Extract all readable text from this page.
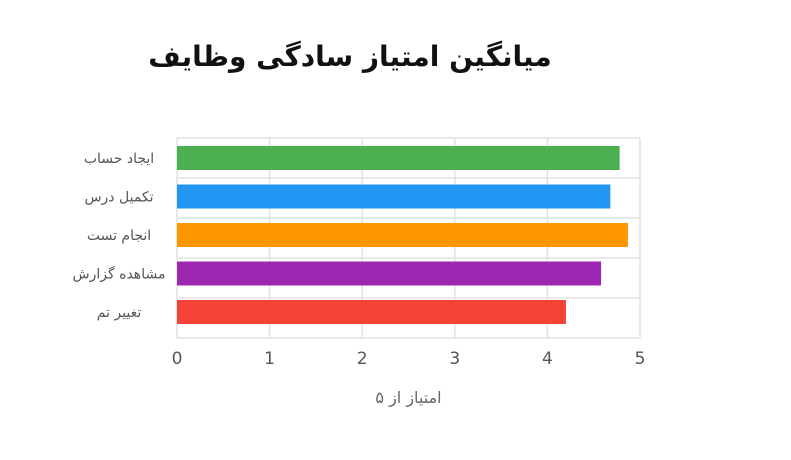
میانگین امتیاز سادگی وظایف
ایجاد حساب
تکمیل درس
انجام تست
مشاهده گزارش
تغییر تم
0	1	2	3	4	5
امتیاز از ۵
